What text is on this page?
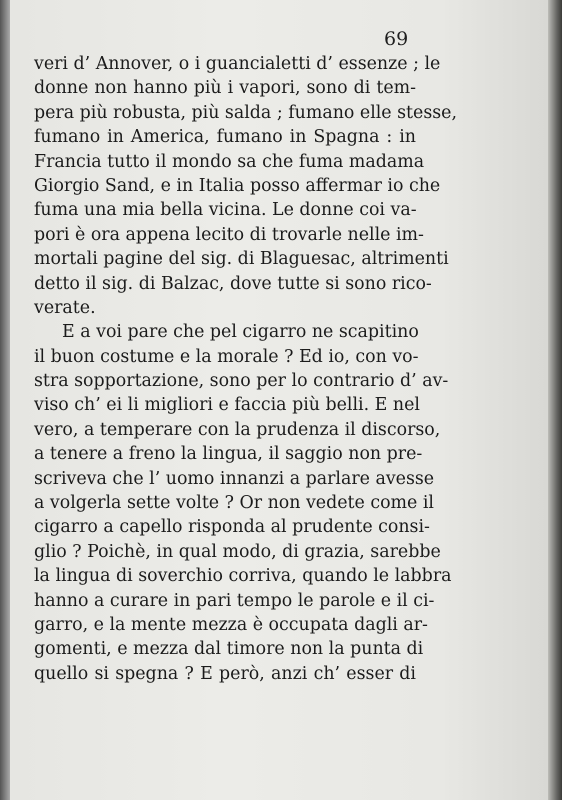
69
veri d’ Annover, o i guancialetti d’ essenze ; le
donne non hanno più i vapori, sono di tem-
pera più robusta, più salda ; fumano elle stesse,
fumano in America, fumano in Spagna : in
Francia tutto il mondo sa che fuma madama
Giorgio Sand, e in Italia posso affermar io che
fuma una mia bella vicina. Le donne coi va-
pori è ora appena lecito di trovarle nelle im-
mortali pagine del sig. di Blaguesac, altrimenti
detto il sig. di Balzac, dove tutte si sono rico-
verate.
E a voi pare che pel cigarro ne scapitino
il buon costume e la morale ? Ed io, con vo-
stra sopportazione, sono per lo contrario d’ av-
viso ch’ ei li migliori e faccia più belli. E nel
vero, a temperare con la prudenza il discorso,
a tenere a freno la lingua, il saggio non pre-
scriveva che l’ uomo innanzi a parlare avesse
a volgerla sette volte ? Or non vedete come il
cigarro a capello risponda al prudente consi-
glio ? Poichè, in qual modo, di grazia, sarebbe
la lingua di soverchio corriva, quando le labbra
hanno a curare in pari tempo le parole e il ci-
garro, e la mente mezza è occupata dagli ar-
gomenti, e mezza dal timore non la punta di
quello si spegna ? E però, anzi ch’ esser di
